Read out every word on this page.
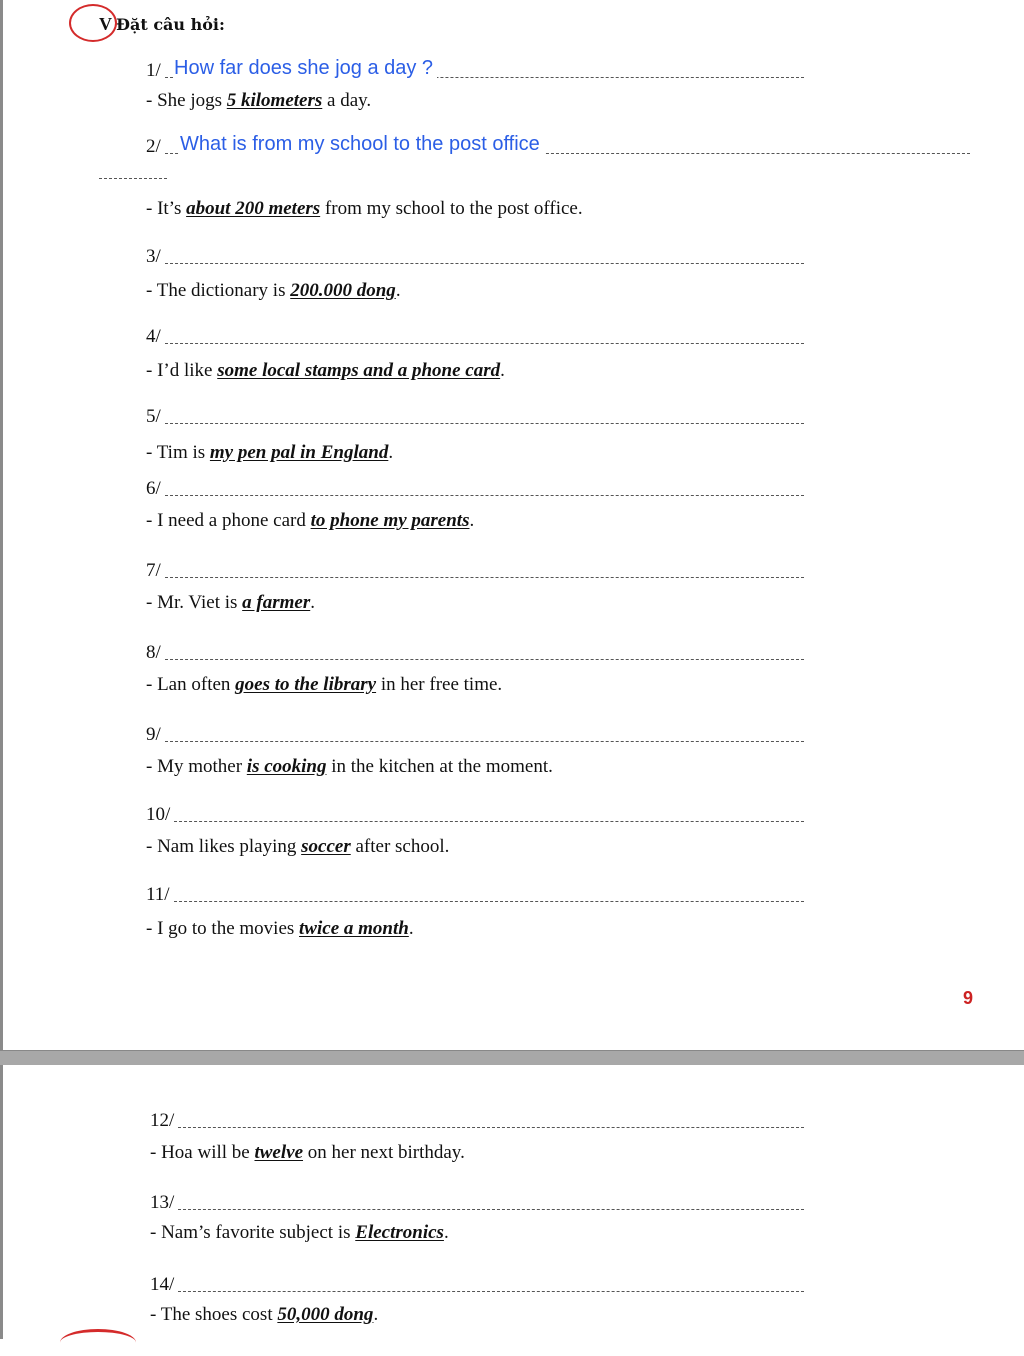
V Đặt câu hỏi:
9
1/ How far does she jog a day ?
- She jogs 5 kilometers a day.
2/ What is from my school to the post office
- It’s about 200 meters from my school to the post office.
3/
- The dictionary is 200.000 dong.
4/
- I’d like some local stamps and a phone card.
5/
- Tim is my pen pal in England.
6/
- I need a phone card to phone my parents.
7/
- Mr. Viet is a farmer.
8/
- Lan often goes to the library in her free time.
9/
- My mother is cooking in the kitchen at the moment.
10/
- Nam likes playing soccer after school.
11/
- I go to the movies twice a month.
12/
- Hoa will be twelve on her next birthday.
13/
- Nam’s favorite subject is Electronics.
14/
- The shoes cost 50,000 dong.
